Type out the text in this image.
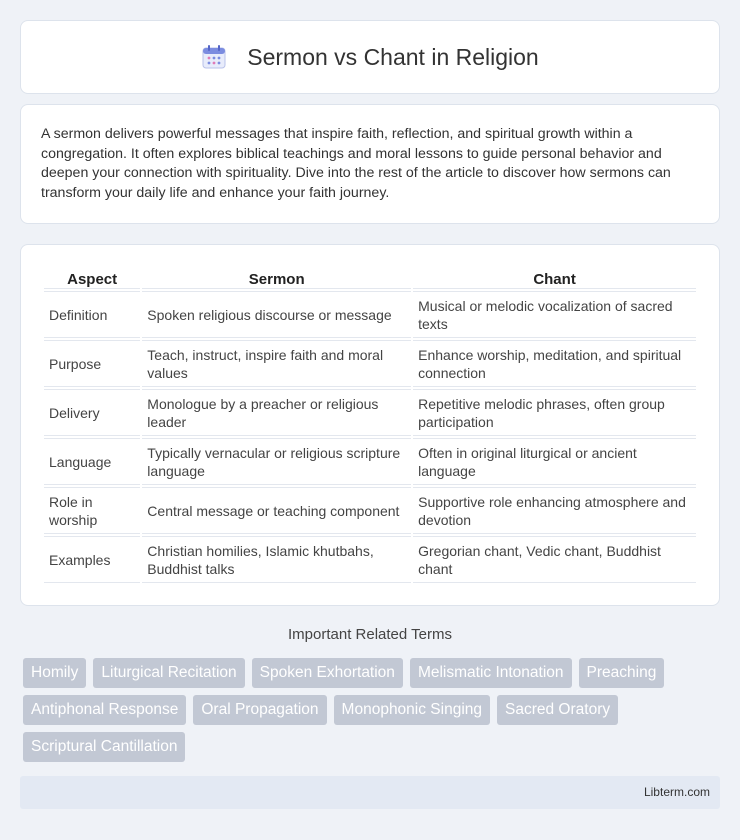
Sermon vs Chant in Religion

A sermon delivers powerful messages that inspire faith, reflection, and spiritual growth within a congregation. It often explores biblical teachings and moral lessons to guide personal behavior and deepen your connection with spirituality. Dive into the rest of the article to discover how sermons can transform your daily life and enhance your faith journey.

Aspect	Sermon	Chant
Definition	Spoken religious discourse or message	Musical or melodic vocalization of sacred texts
Purpose	Teach, instruct, inspire faith and moral values	Enhance worship, meditation, and spiritual connection
Delivery	Monologue by a preacher or religious leader	Repetitive melodic phrases, often group participation
Language	Typically vernacular or religious scripture language	Often in original liturgical or ancient language
Role in worship	Central message or teaching component	Supportive role enhancing atmosphere and devotion
Examples	Christian homilies, Islamic khutbahs, Buddhist talks	Gregorian chant, Vedic chant, Buddhist chant
Important Related Terms
Homily	Liturgical Recitation	Spoken Exhortation	Melismatic Intonation	Preaching
Antiphonal Response	Oral Propagation	Monophonic Singing	Sacred Oratory
Scriptural Cantillation
Libterm.com
